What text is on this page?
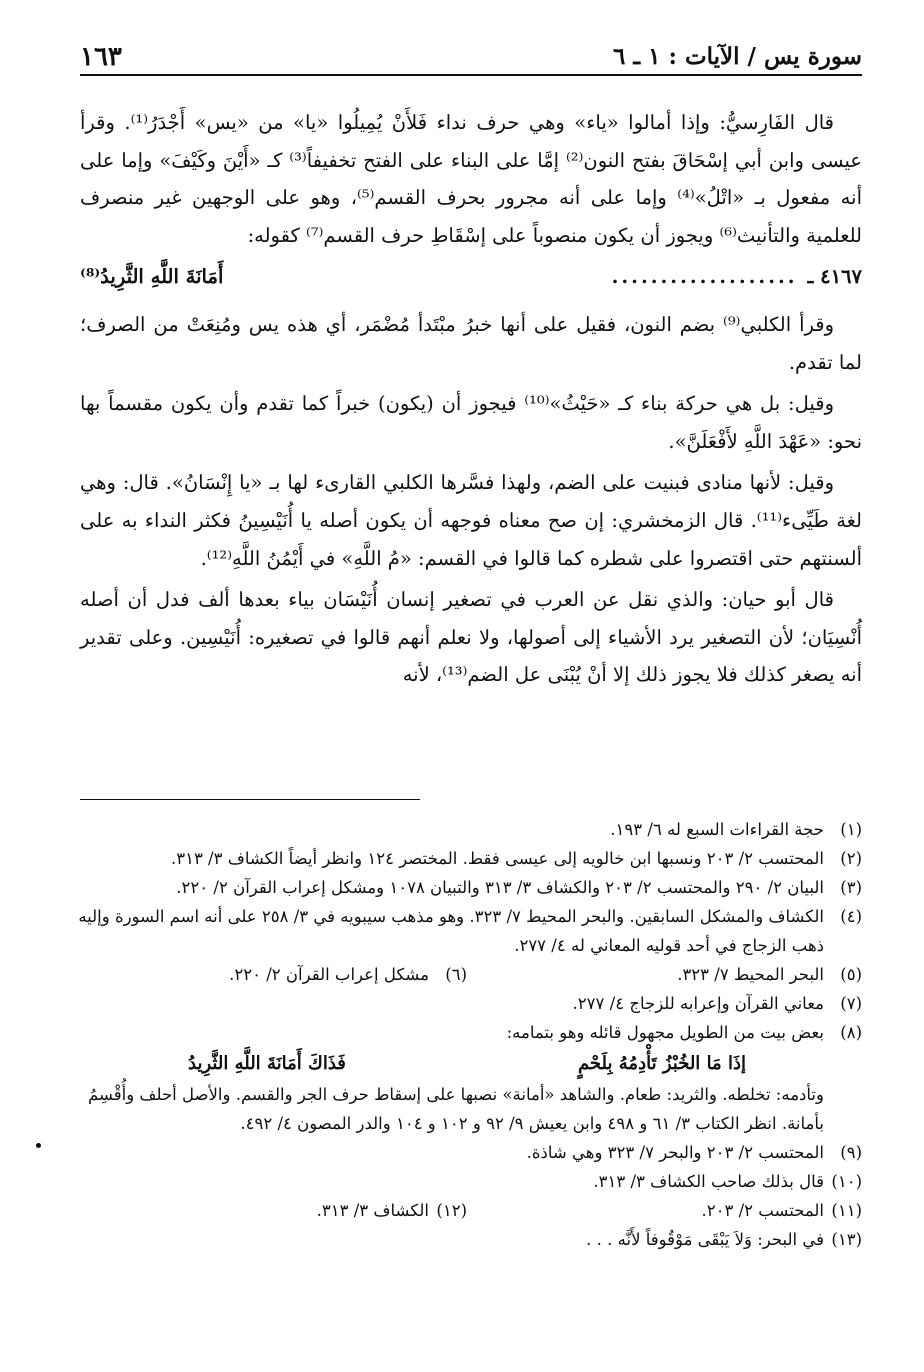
سورة يس / الآيات : ١ ـ ٦
١٦٣

قال الفَارِسيُّ: وإذا أمالوا «ياء» وهي حرف نداء فَلأَنْ يُمِيلُوا «يا» من «يس» أَجْدَرُ⁽¹⁾. وقرأ عيسى وابن أبي إسْحَاقَ بفتح النون⁽²⁾ إمَّا على البناء على الفتح تخفيفاً⁽³⁾ كـ «أَيْنَ وكَيْفَ» وإما على أنه مفعول بـ «اتْلُ»⁽⁴⁾ وإما على أنه مجرور بحرف القسم⁽⁵⁾، وهو على الوجهين غير منصرف للعلمية والتأنيث⁽⁶⁾ ويجوز أن يكون منصوباً على إسْقَاطِ حرف القسم⁽⁷⁾ كقوله:

٤١٦٧ ـ
...................
أَمَانَةَ اللَّهِ الثَّرِيدُ⁽⁸⁾

وقرأ الكلبي⁽⁹⁾ بضم النون، فقيل على أنها خبرُ مبْتَدأ مُضْمَر، أي هذه يس ومُنِعَتْ من الصرف؛ لما تقدم.

وقيل: بل هي حركة بناء كـ «حَيْثُ»⁽¹⁰⁾ فيجوز أن (يكون) خبراً كما تقدم وأن يكون مقسماً بها نحو: «عَهْدَ اللَّهِ لأَفْعَلَنَّ».

وقيل: لأنها منادى فبنيت على الضم، ولهذا فسَّرها الكلبي القارىء لها بـ «يا إِنْسَانُ». قال: وهي لغة طَيِّىء⁽¹¹⁾. قال الزمخشري: إن صح معناه فوجهه أن يكون أصله يا أُنَيْسِينُ فكثر النداء به على ألسنتهم حتى اقتصروا على شطره كما قالوا في القسم: «مُ اللَّهِ» في أَيْمُنُ اللَّهِ⁽¹²⁾.

قال أبو حيان: والذي نقل عن العرب في تصغير إنسان أُنَيْسَان بياء بعدها ألف فدل أن أصله أُنْسِيَان؛ لأن التصغير يرد الأشياء إلى أصولها، ولا نعلم أنهم قالوا في تصغيره: أُنَيْسِين. وعلى تقدير أنه يصغر كذلك فلا يجوز ذلك إلا أنْ يُبْنَى عل الضم⁽¹³⁾، لأنه

(١)
حجة القراءات السبع له ٦/ ١٩٣.
(٢)
المحتسب ٢/ ٢٠٣ ونسبها ابن خالويه إلى عيسى فقط. المختصر ١٢٤ وانظر أيضاً الكشاف ٣/ ٣١٣.
(٣)
البيان ٢/ ٢٩٠ والمحتسب ٢/ ٢٠٣ والكشاف ٣/ ٣١٣ والتبيان ١٠٧٨ ومشكل إعراب القرآن ٢/ ٢٢٠.
(٤)
الكشاف والمشكل السابقين. والبحر المحيط ٧/ ٣٢٣. وهو مذهب سيبويه في ٣/ ٢٥٨ على أنه اسم السورة وإليه ذهب الزجاج في أحد قوليه المعاني له ٤/ ٢٧٧.
(٥)
البحر المحيط ٧/ ٣٢٣.
(٦)
مشكل إعراب القرآن ٢/ ٢٢٠.
(٧)
معاني القرآن وإعرابه للزجاج ٤/ ٢٧٧.
(٨)
بعض بيت من الطويل مجهول قائله وهو بتمامه:
إذَا مَا الخُبْزُ تَأْدِمُهُ بِلَحْمٍ
فَذَاكَ أَمَانَةَ اللَّهِ الثَّرِيدُ
وتأدمه: تخلطه. والثريد: طعام. والشاهد «أمانة» نصبها على إسقاط حرف الجر والقسم. والأصل أحلف وأُقْسِمُ بأمانة. انظر الكتاب ٣/ ٦١ و ٤٩٨ وابن يعيش ٩/ ٩٢ و ١٠٢ و ١٠٤ والدر المصون ٤/ ٤٩٢.
(٩)
المحتسب ٢/ ٢٠٣ والبحر ٧/ ٣٢٣ وهي شاذة.
(١٠)
قال بذلك صاحب الكشاف ٣/ ٣١٣.
(١١)
المحتسب ٢/ ٢٠٣.
(١٢)
الكشاف ٣/ ٣١٣.
(١٣)
في البحر: وَلاَ يَبْقَى مَوْقُوفاً لأَنَّه . . .
